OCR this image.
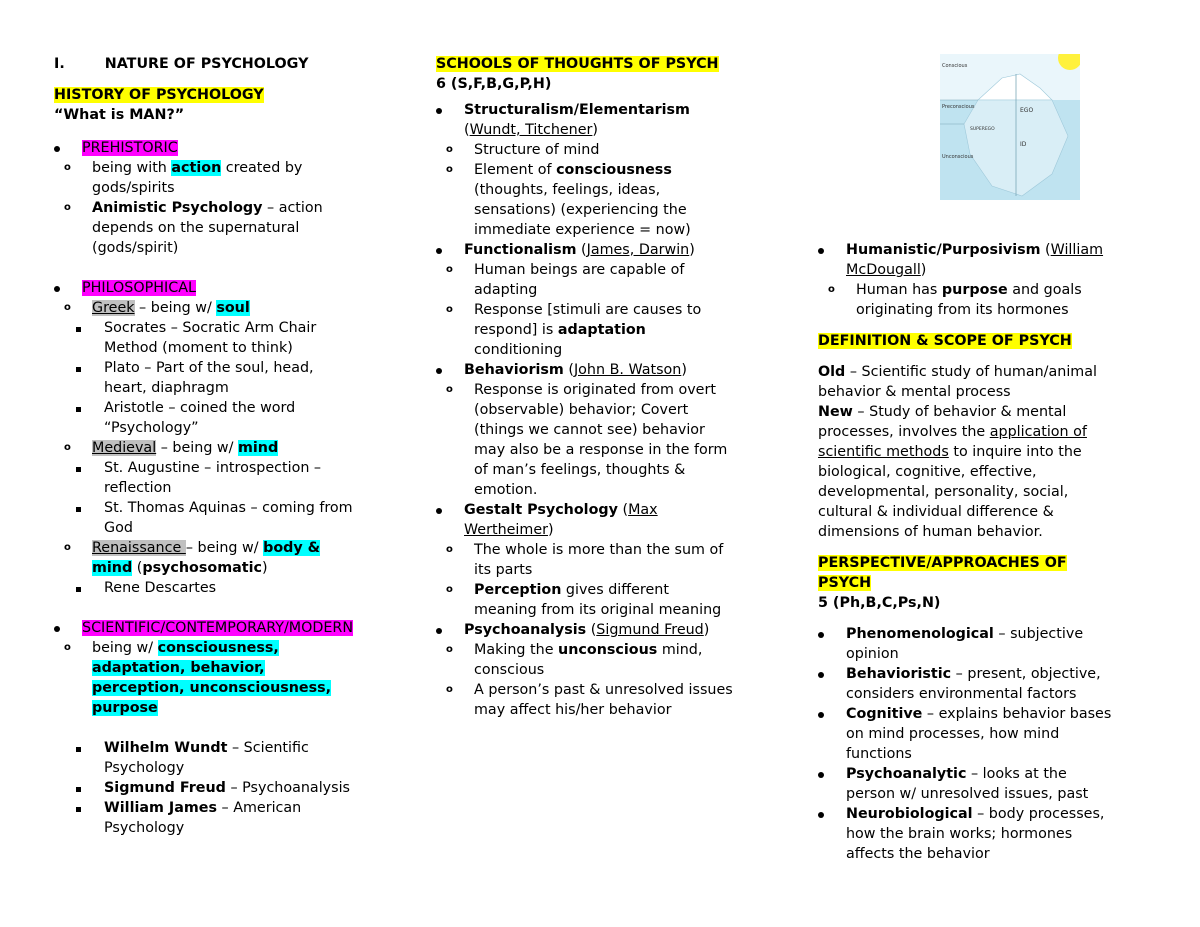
I.	NATURE OF PSYCHOLOGY
HISTORY OF PSYCHOLOGY
“What is MAN?”
PREHISTORIC
o being with action created by
gods/spirits
o Animistic Psychology – action
depends on the supernatural
(gods/spirit)
PHILOSOPHICAL
o Greek – being w/ soul
Socrates – Socratic Arm Chair
Method (moment to think)
Plato – Part of the soul, head,
heart, diaphragm
Aristotle – coined the word
“Psychology”
o Medieval – being w/ mind
St. Augustine – introspection –
reflection
St. Thomas Aquinas – coming from
God
o Renaissance – being w/ body &
mind (psychosomatic)
Rene Descartes
SCIENTIFIC/CONTEMPORARY/MODERN
o being w/ consciousness,
adaptation, behavior,
perception, unconsciousness,
purpose
Wilhelm Wundt – Scientific
Psychology
Sigmund Freud – Psychoanalysis
William James – American
Psychology
SCHOOLS OF THOUGHTS OF PSYCH
6 (S,F,B,G,P,H)
Structuralism/Elementarism
(Wundt, Titchener)
o Structure of mind
o Element of consciousness
(thoughts, feelings, ideas,
sensations) (experiencing the
immediate experience = now)
Functionalism (James, Darwin)
o Human beings are capable of
adapting
o Response [stimuli are causes to
respond] is adaptation
conditioning
Behaviorism (John B. Watson)
o Response is originated from overt
(observable) behavior; Covert
(things we cannot see) behavior
may also be a response in the form
of man’s feelings, thoughts &
emotion.
Gestalt Psychology (Max
Wertheimer)
o The whole is more than the sum of
its parts
o Perception gives different
meaning from its original meaning
Psychoanalysis (Sigmund Freud)
o Making the unconscious mind,
conscious
o A person’s past & unresolved issues
may affect his/her behavior
Conscious
Preconscious
Unconscious
EGO
SUPEREGO
ID
Humanistic/Purposivism (William
McDougall)
o Human has purpose and goals
originating from its hormones
DEFINITION & SCOPE OF PSYCH
Old – Scientific study of human/animal
behavior & mental process
New – Study of behavior & mental
processes, involves the application of
scientific methods to inquire into the
biological, cognitive, effective,
developmental, personality, social,
cultural & individual difference &
dimensions of human behavior.
PERSPECTIVE/APPROACHES OF
PSYCH
5 (Ph,B,C,Ps,N)
Phenomenological – subjective
opinion
Behavioristic – present, objective,
considers environmental factors
Cognitive – explains behavior bases
on mind processes, how mind
functions
Psychoanalytic – looks at the
person w/ unresolved issues, past
Neurobiological – body processes,
how the brain works; hormones
affects the behavior
